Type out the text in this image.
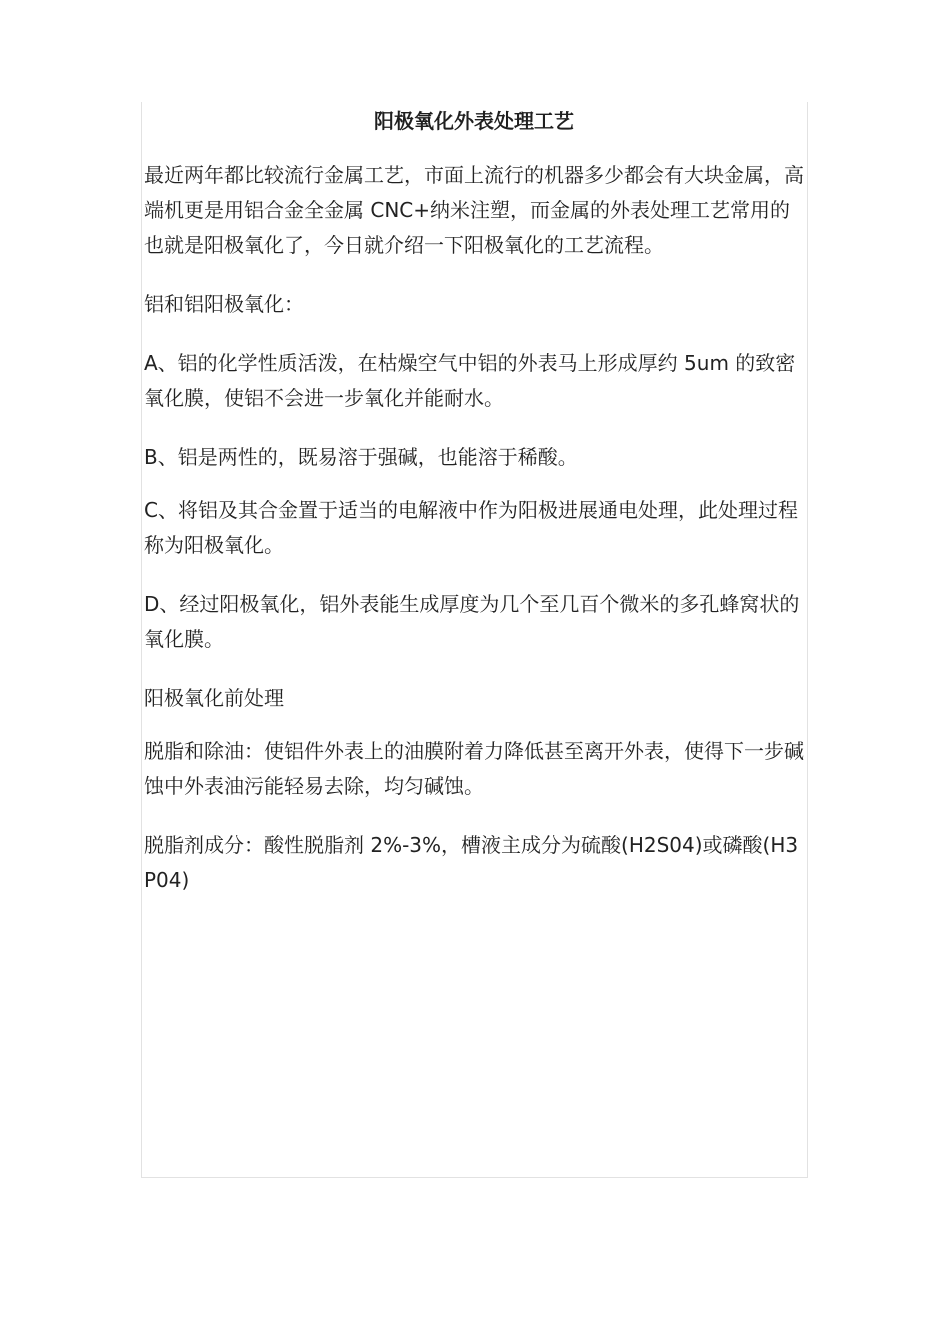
阳极氧化外表处理工艺

最近两年都比较流行金属工艺，市面上流行的机器多少都会有大块金属，高端机更是用铝合金全金属 CNC+纳米注塑，而金属的外表处理工艺常用的也就是阳极氧化了，今日就介绍一下阳极氧化的工艺流程。

铝和铝阳极氧化：

A、铝的化学性质活泼，在枯燥空气中铝的外表马上形成厚约 5um 的致密氧化膜，使铝不会进一步氧化并能耐水。

B、铝是两性的，既易溶于强碱，也能溶于稀酸。

C、将铝及其合金置于适当的电解液中作为阳极进展通电处理，此处理过程称为阳极氧化。

D、经过阳极氧化，铝外表能生成厚度为几个至几百个微米的多孔蜂窝状的氧化膜。

阳极氧化前处理

脱脂和除油：使铝件外表上的油膜附着力降低甚至离开外表，使得下一步碱蚀中外表油污能轻易去除，均匀碱蚀。

脱脂剂成分：酸性脱脂剂 2%-3%，槽液主成分为硫酸(H2S04)或磷酸(H3P04)
